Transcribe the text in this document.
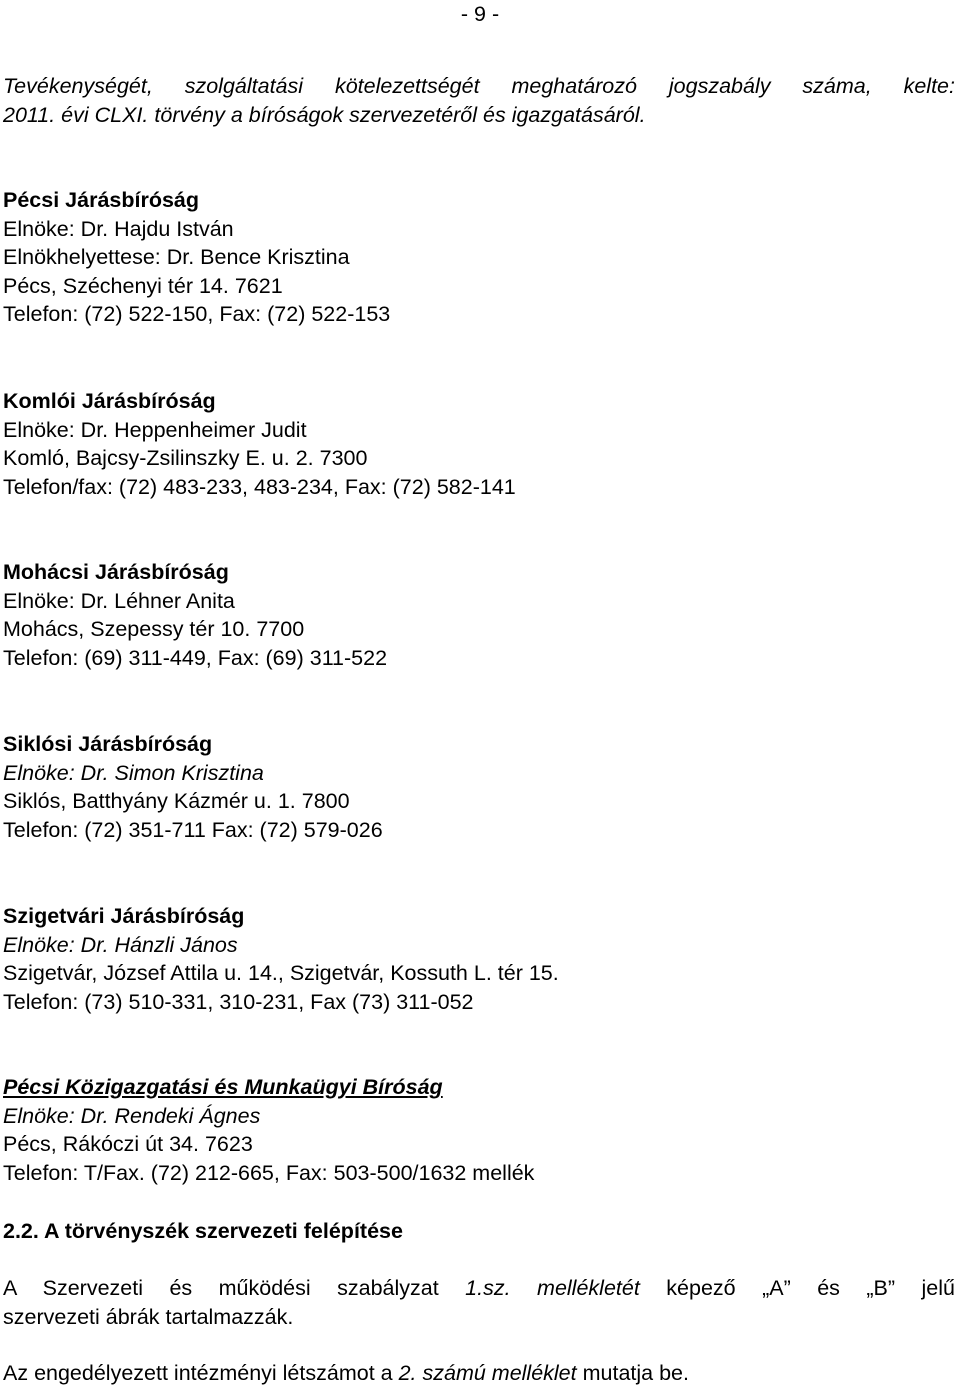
- 9 -
Tevékenységét, szolgáltatási kötelezettségét meghatározó jogszabály száma, kelte:
2011. évi CLXI. törvény a bíróságok szervezetéről és igazgatásáról.
Pécsi Járásbíróság
Elnöke: Dr. Hajdu István
Elnökhelyettese: Dr. Bence Krisztina
Pécs, Széchenyi tér 14. 7621
Telefon: (72) 522-150, Fax: (72) 522-153
Komlói Járásbíróság
Elnöke: Dr. Heppenheimer Judit
Komló, Bajcsy-Zsilinszky E. u. 2. 7300
Telefon/fax: (72) 483-233, 483-234, Fax: (72) 582-141
Mohácsi Járásbíróság
Elnöke: Dr. Léhner Anita
Mohács, Szepessy tér 10. 7700
Telefon: (69) 311-449, Fax: (69) 311-522
Siklósi Járásbíróság
Elnöke: Dr. Simon Krisztina
Siklós, Batthyány Kázmér u. 1. 7800
Telefon: (72) 351-711 Fax: (72) 579-026
Szigetvári Járásbíróság
Elnöke: Dr. Hánzli János
Szigetvár, József Attila u. 14., Szigetvár, Kossuth L. tér 15.
Telefon: (73) 510-331, 310-231, Fax (73) 311-052
Pécsi Közigazgatási és Munkaügyi Bíróság
Elnöke: Dr. Rendeki Ágnes
Pécs, Rákóczi út 34. 7623
Telefon: T/Fax. (72) 212-665, Fax: 503-500/1632 mellék
2.2. A törvényszék szervezeti felépítése
A Szervezeti és működési szabályzat 1.sz. mellékletét képező „A” és „B” jelű
szervezeti ábrák tartalmazzák.
Az engedélyezett intézményi létszámot a 2. számú melléklet mutatja be.
